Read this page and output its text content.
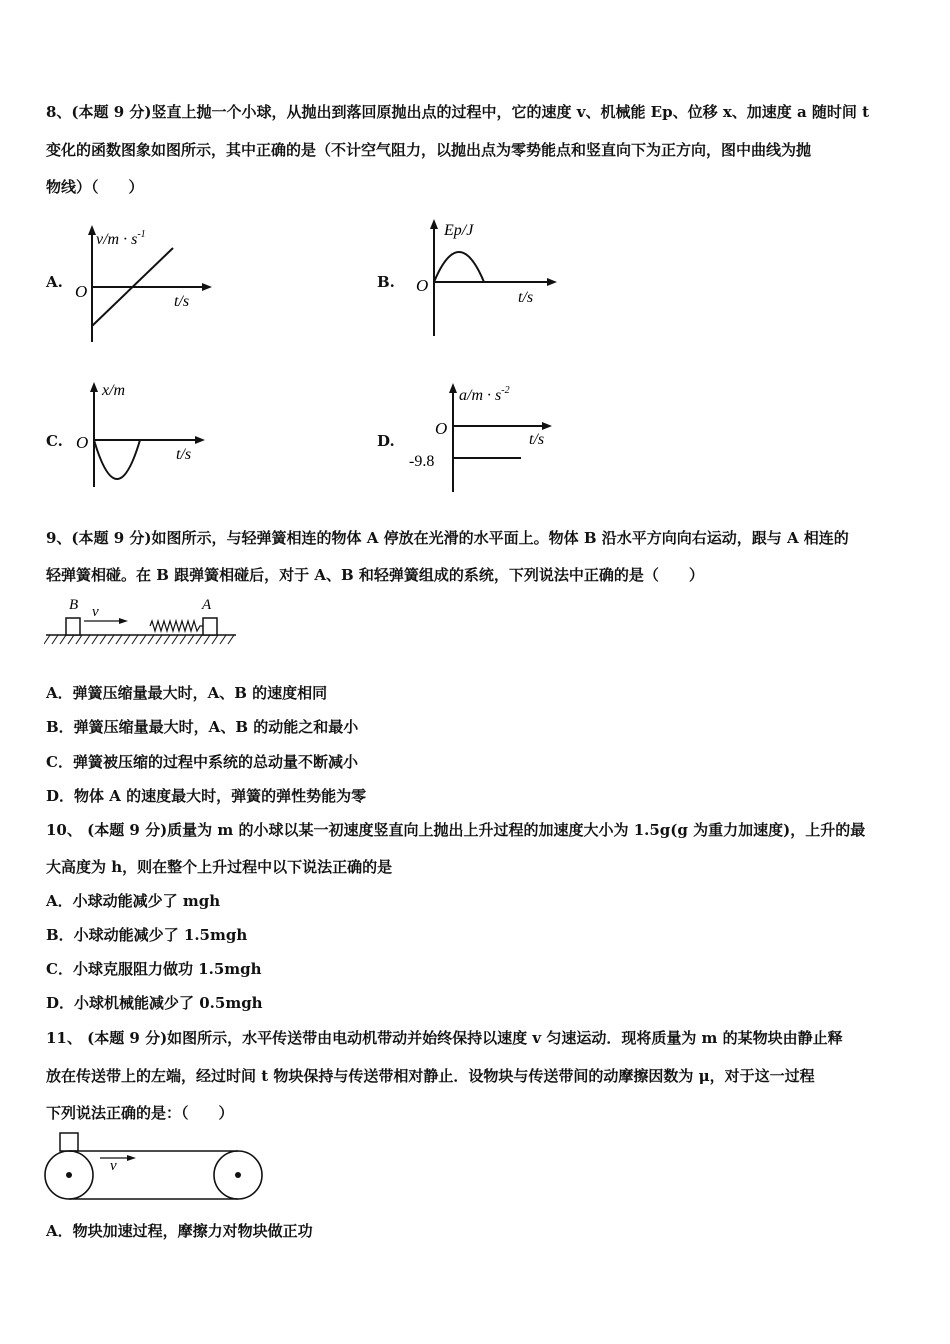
8、(本题 9 分)竖直上抛一个小球，从抛出到落回原抛出点的过程中，它的速度 v、机械能 Ep、位移 x、加速度 a 随时间 t
变化的函数图象如图所示，其中正确的是（不计空气阻力，以抛出点为零势能点和竖直向下为正方向，图中曲线为抛
物线）（　　）
A.
$v/m \cdot s^{-1}$
O
t/s
B.
Ep/J
O
t/s
C.
x/m
O
t/s
D.
$a/m \cdot s^{-2}$
O
t/s
-9.8
9、(本题 9 分)如图所示，与轻弹簧相连的物体 A 停放在光滑的水平面上。物体 B 沿水平方向向右运动，跟与 A 相连的
轻弹簧相碰。在 B 跟弹簧相碰后，对于 A、B 和轻弹簧组成的系统，下列说法中正确的是（　　）
B v	A
A．弹簧压缩量最大时，A、B 的速度相同
B．弹簧压缩量最大时，A、B 的动能之和最小
C．弹簧被压缩的过程中系统的总动量不断减小
D．物体 A 的速度最大时，弹簧的弹性势能为零
10、 (本题 9 分)质量为 m 的小球以某一初速度竖直向上抛出上升过程的加速度大小为 1.5g(g 为重力加速度)，上升的最
大高度为 h，则在整个上升过程中以下说法正确的是
A．小球动能减少了 mgh
B．小球动能减少了 1.5mgh
C．小球克服阻力做功 1.5mgh
D．小球机械能减少了 0.5mgh
11、 (本题 9 分)如图所示，水平传送带由电动机带动并始终保持以速度 v 匀速运动．现将质量为 m 的某物块由静止释
放在传送带上的左端，经过时间 t 物块保持与传送带相对静止．设物块与传送带间的动摩擦因数为 μ，对于这一过程
下列说法正确的是：（　　）
v
A．物块加速过程，摩擦力对物块做正功
